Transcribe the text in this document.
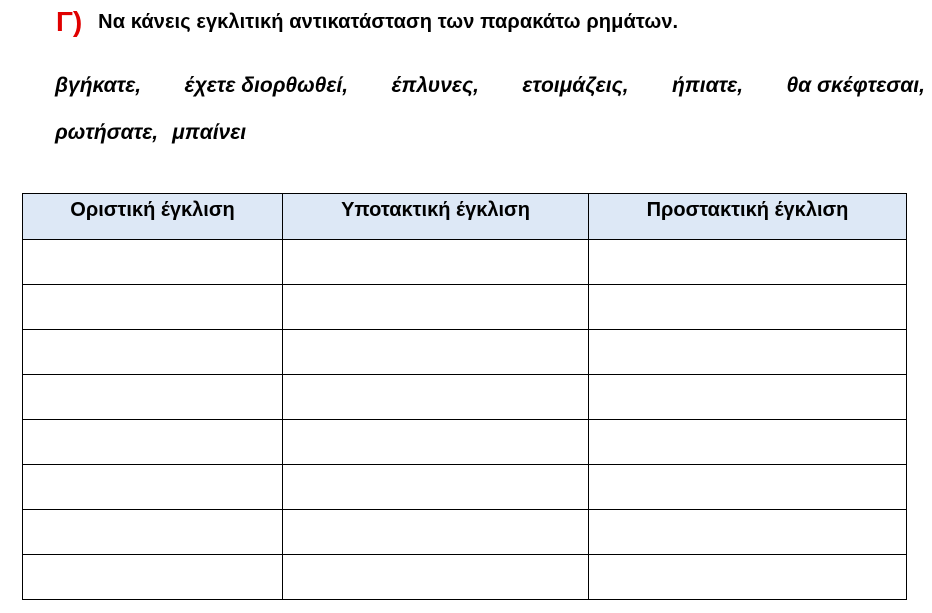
Γ) Να κάνεις εγκλιτική αντικατάσταση των παρακάτω ρημάτων.
βγήκατε, έχετε διορθωθεί, έπλυνες, ετοιμάζεις, ήπιατε, θα σκέφτεσαι,
ρωτήσατε, μπαίνει
Οριστική έγκλιση	Υποτακτική έγκλιση	Προστακτική έγκλιση
